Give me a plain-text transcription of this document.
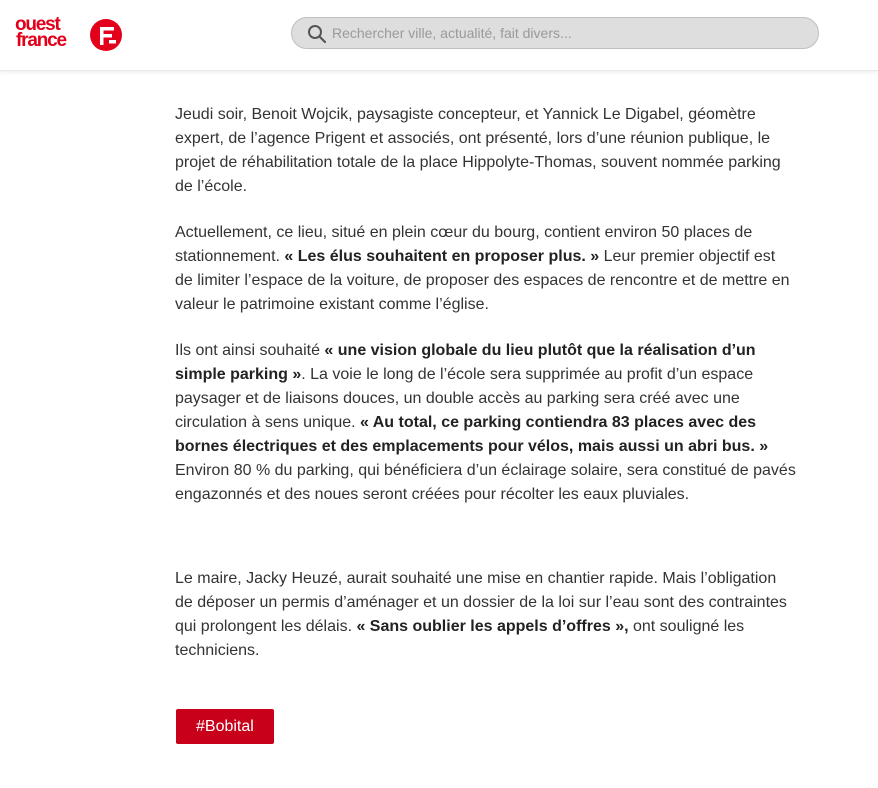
ouest
france
Rechercher ville, actualité, fait divers...

Jeudi soir, Benoit Wojcik, paysagiste concepteur, et Yannick Le Digabel, géomètre expert, de l’agence Prigent et associés, ont présenté, lors d’une réunion publique, le projet de réhabilitation totale de la place Hippolyte-Thomas, souvent nommée parking de l’école.

Actuellement, ce lieu, situé en plein cœur du bourg, contient environ 50 places de stationnement. « Les élus souhaitent en proposer plus. » Leur premier objectif est de limiter l’espace de la voiture, de proposer des espaces de rencontre et de mettre en valeur le patrimoine existant comme l’église.

Ils ont ainsi souhaité « une vision globale du lieu plutôt que la réalisation d’un simple parking ». La voie le long de l’école sera supprimée au profit d’un espace paysager et de liaisons douces, un double accès au parking sera créé avec une circulation à sens unique. « Au total, ce parking contiendra 83 places avec des bornes électriques et des emplacements pour vélos, mais aussi un abri bus. » Environ 80 % du parking, qui bénéficiera d’un éclairage solaire, sera constitué de pavés engazonnés et des noues seront créées pour récolter les eaux pluviales.

Le maire, Jacky Heuzé, aurait souhaité une mise en chantier rapide. Mais l’obligation de déposer un permis d’aménager et un dossier de la loi sur l’eau sont des contraintes qui prolongent les délais. « Sans oublier les appels d’offres », ont souligné les techniciens.

#Bobital
